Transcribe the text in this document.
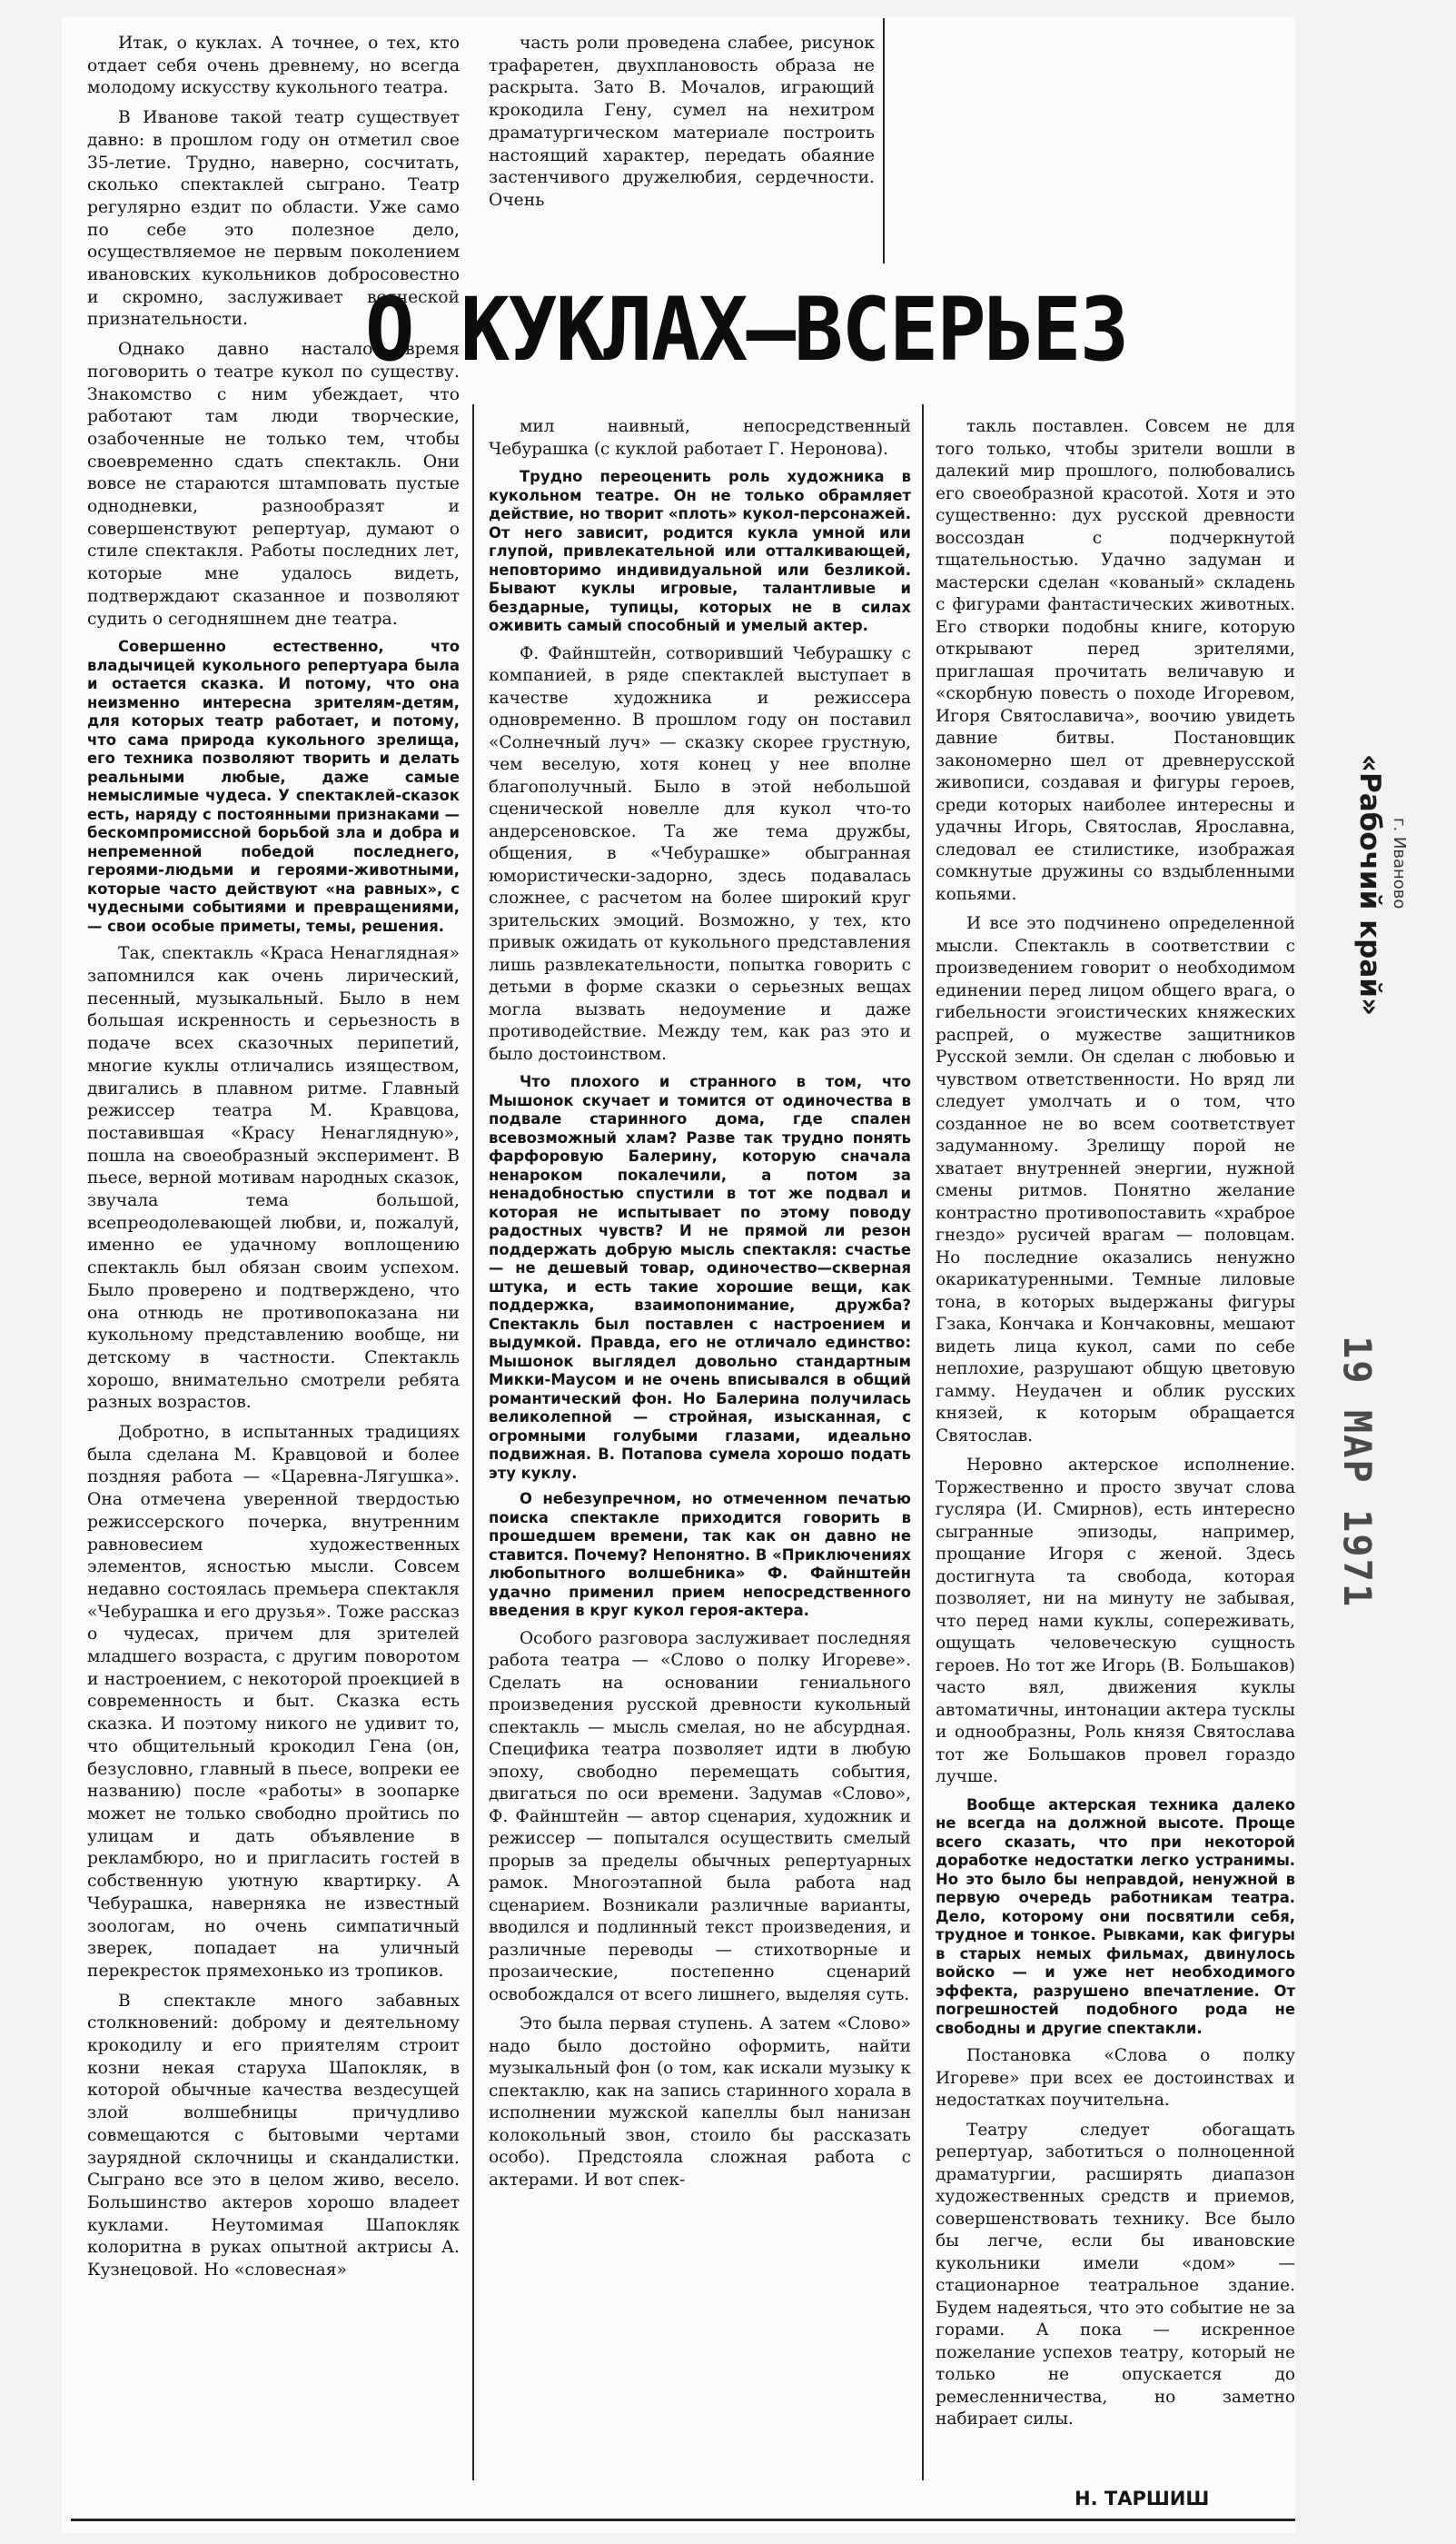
О КУКЛАХ—ВСЕРЬЕЗ

Итак, о куклах. А точнее, о тех, кто отдает себя очень древнему, но всегда молодому искусству кукольного театра.

В Иванове такой театр существует давно: в прошлом году он отметил свое 35-летие. Трудно, наверно, сосчитать, сколько спектаклей сыграно. Театр регулярно ездит по области. Уже само по себе это полезное дело, осуществляемое не первым поколением ивановских кукольников добросовестно и скромно, заслуживает всяческой признательности.

Однако давно настало время поговорить о театре кукол по существу. Знакомство с ним убеждает, что работают там люди творческие, озабоченные не только тем, чтобы своевременно сдать спектакль. Они вовсе не стараются штамповать пустые однодневки, разнообразят и совершенствуют репертуар, думают о стиле спектакля. Работы последних лет, которые мне удалось видеть, подтверждают сказанное и позволяют судить о сегодняшнем дне театра.

Совершенно естественно, что владычицей кукольного репертуара была и остается сказка. И потому, что она неизменно интересна зрителям-детям, для которых театр работает, и потому, что сама природа кукольного зрелища, его техника позволяют творить и делать реальными любые, даже самые немыслимые чудеса. У спектаклей-сказок есть, наряду с постоянными признаками — бескомпромиссной борьбой зла и добра и непременной победой последнего, героями-людьми и героями-животными, которые часто действуют «на равных», с чудесными событиями и превращениями, — свои особые приметы, темы, решения.

Так, спектакль «Краса Ненаглядная» запомнился как очень лирический, песенный, музыкальный. Было в нем большая искренность и серьезность в подаче всех сказочных перипетий, многие куклы отличались изяществом, двигались в плавном ритме. Главный режиссер театра М. Кравцова, поставившая «Красу Ненаглядную», пошла на своеобразный эксперимент. В пьесе, верной мотивам народных сказок, звучала тема большой, всепреодолевающей любви, и, пожалуй, именно ее удачному воплощению спектакль был обязан своим успехом. Было проверено и подтверждено, что она отнюдь не противопоказана ни кукольному представлению вообще, ни детскому в частности. Спектакль хорошо, внимательно смотрели ребята разных возрастов.

Добротно, в испытанных традициях была сделана М. Кравцовой и более поздняя работа — «Царевна-Лягушка». Она отмечена уверенной твердостью режиссерского почерка, внутренним равновесием художественных элементов, ясностью мысли. Совсем недавно состоялась премьера спектакля «Чебурашка и его друзья». Тоже рассказ о чудесах, причем для зрителей младшего возраста, с другим поворотом и настроением, с некоторой проекцией в современность и быт. Сказка есть сказка. И поэтому никого не удивит то, что общительный крокодил Гена (он, безусловно, главный в пьесе, вопреки ее названию) после «работы» в зоопарке может не только свободно пройтись по улицам и дать объявление в рекламбюро, но и пригласить гостей в собственную уютную квартирку. А Чебурашка, наверняка не известный зоологам, но очень симпатичный зверек, попадает на уличный перекресток прямехонько из тропиков.

В спектакле много забавных столкновений: доброму и деятельному крокодилу и его приятелям строит козни некая старуха Шапокляк, в которой обычные качества вездесущей злой волшебницы причудливо совмещаются с бытовыми чертами заурядной склочницы и скандалистки. Сыграно все это в целом живо, весело. Большинство актеров хорошо владеет куклами. Неутомимая Шапокляк колоритна в руках опытной актрисы А. Кузнецовой. Но «словесная»

часть роли проведена слабее, рисунок трафаретен, двухплановость образа не раскрыта. Зато В. Мочалов, играющий крокодила Гену, сумел на нехитром драматургическом материале построить настоящий характер, передать обаяние застенчивого дружелюбия, сердечности. Очень

мил наивный, непосредственный Чебурашка (с куклой работает Г. Неронова).

Трудно переоценить роль художника в кукольном театре. Он не только обрамляет действие, но творит «плоть» кукол-персонажей. От него зависит, родится кукла умной или глупой, привлекательной или отталкивающей, неповторимо индивидуальной или безликой. Бывают куклы игровые, талантливые и бездарные, тупицы, которых не в силах оживить самый способный и умелый актер.

Ф. Файнштейн, сотворивший Чебурашку с компанией, в ряде спектаклей выступает в качестве художника и режиссера одновременно. В прошлом году он поставил «Солнечный луч» — сказку скорее грустную, чем веселую, хотя конец у нее вполне благополучный. Было в этой небольшой сценической новелле для кукол что-то андерсеновское. Та же тема дружбы, общения, в «Чебурашке» обыгранная юмористически-задорно, здесь подавалась сложнее, с расчетом на более широкий круг зрительских эмоций. Возможно, у тех, кто привык ожидать от кукольного представления лишь развлекательности, попытка говорить с детьми в форме сказки о серьезных вещах могла вызвать недоумение и даже противодействие. Между тем, как раз это и было достоинством.

Что плохого и странного в том, что Мышонок скучает и томится от одиночества в подвале старинного дома, где спален всевозможный хлам? Разве так трудно понять фарфоровую Балерину, которую сначала ненароком покалечили, а потом за ненадобностью спустили в тот же подвал и которая не испытывает по этому поводу радостных чувств? И не прямой ли резон поддержать добрую мысль спектакля: счастье — не дешевый товар, одиночество—скверная штука, и есть такие хорошие вещи, как поддержка, взаимопонимание, дружба? Спектакль был поставлен с настроением и выдумкой. Правда, его не отличало единство: Мышонок выглядел довольно стандартным Микки-Маусом и не очень вписывался в общий романтический фон. Но Балерина получилась великолепной — стройная, изысканная, с огромными голубыми глазами, идеально подвижная. В. Потапова сумела хорошо подать эту куклу.

О небезупречном, но отмеченном печатью поиска спектакле приходится говорить в прошедшем времени, так как он давно не ставится. Почему? Непонятно. В «Приключениях любопытного волшебника» Ф. Файнштейн удачно применил прием непосредственного введения в круг кукол героя-актера.

Особого разговора заслуживает последняя работа театра — «Слово о полку Игореве». Сделать на основании гениального произведения русской древности кукольный спектакль — мысль смелая, но не абсурдная. Специфика театра позволяет идти в любую эпоху, свободно перемещать события, двигаться по оси времени. Задумав «Слово», Ф. Файнштейн — автор сценария, художник и режиссер — попытался осуществить смелый прорыв за пределы обычных репертуарных рамок. Многоэтапной была работа над сценарием. Возникали различные варианты, вводился и подлинный текст произведения, и различные переводы — стихотворные и прозаические, постепенно сценарий освобождался от всего лишнего, выделяя суть.

Это была первая ступень. А затем «Слово» надо было достойно оформить, найти музыкальный фон (о том, как искали музыку к спектаклю, как на запись старинного хорала в исполнении мужской капеллы был нанизан колокольный звон, стоило бы рассказать особо). Предстояла сложная работа с актерами. И вот спек-

такль поставлен. Совсем не для того только, чтобы зрители вошли в далекий мир прошлого, полюбовались его своеобразной красотой. Хотя и это существенно: дух русской древности воссоздан с подчеркнутой тщательностью. Удачно задуман и мастерски сделан «кованый» складень с фигурами фантастических животных. Его створки подобны книге, которую открывают перед зрителями, приглашая прочитать величавую и «скорбную повесть о походе Игоревом, Игоря Святославича», воочию увидеть давние битвы. Постановщик закономерно шел от древнерусской живописи, создавая и фигуры героев, среди которых наиболее интересны и удачны Игорь, Святослав, Ярославна, следовал ее стилистике, изображая сомкнутые дружины со вздыбленными копьями.

И все это подчинено определенной мысли. Спектакль в соответствии с произведением говорит о необходимом единении перед лицом общего врага, о гибельности эгоистических княжеских распрей, о мужестве защитников Русской земли. Он сделан с любовью и чувством ответственности. Но вряд ли следует умолчать и о том, что созданное не во всем соответствует задуманному. Зрелищу порой не хватает внутренней энергии, нужной смены ритмов. Понятно желание контрастно противопоставить «храброе гнездо» русичей врагам — половцам. Но последние оказались ненужно окарикатуренными. Темные лиловые тона, в которых выдержаны фигуры Гзака, Кончака и Кончаковны, мешают видеть лица кукол, сами по себе неплохие, разрушают общую цветовую гамму. Неудачен и облик русских князей, к которым обращается Святослав.

Неровно актерское исполнение. Торжественно и просто звучат слова гусляра (И. Смирнов), есть интересно сыгранные эпизоды, например, прощание Игоря с женой. Здесь достигнута та свобода, которая позволяет, ни на минуту не забывая, что перед нами куклы, сопереживать, ощущать человеческую сущность героев. Но тот же Игорь (В. Большаков) часто вял, движения куклы автоматичны, интонации актера тусклы и однообразны, Роль князя Святослава тот же Большаков провел гораздо лучше.

Вообще актерская техника далеко не всегда на должной высоте. Проще всего сказать, что при некоторой доработке недостатки легко устранимы. Но это было бы неправдой, ненужной в первую очередь работникам театра. Дело, которому они посвятили себя, трудное и тонкое. Рывками, как фигуры в старых немых фильмах, двинулось войско — и уже нет необходимого эффекта, разрушено впечатление. От погрешностей подобного рода не свободны и другие спектакли.

Постановка «Слова о полку Игореве» при всех ее достоинствах и недостатках поучительна.

Театру следует обогащать репертуар, заботиться о полноценной драматургии, расширять диапазон художественных средств и приемов, совершенствовать технику. Все было бы легче, если бы ивановские кукольники имели «дом» — стационарное театральное здание. Будем надеяться, что это событие не за горами. А пока — искренное пожелание успехов театру, который не только не опускается до ремесленничества, но заметно набирает силы.

Н. ТАРШИШ

«Рабочий край» г. Иваново
19 МАР 1971
